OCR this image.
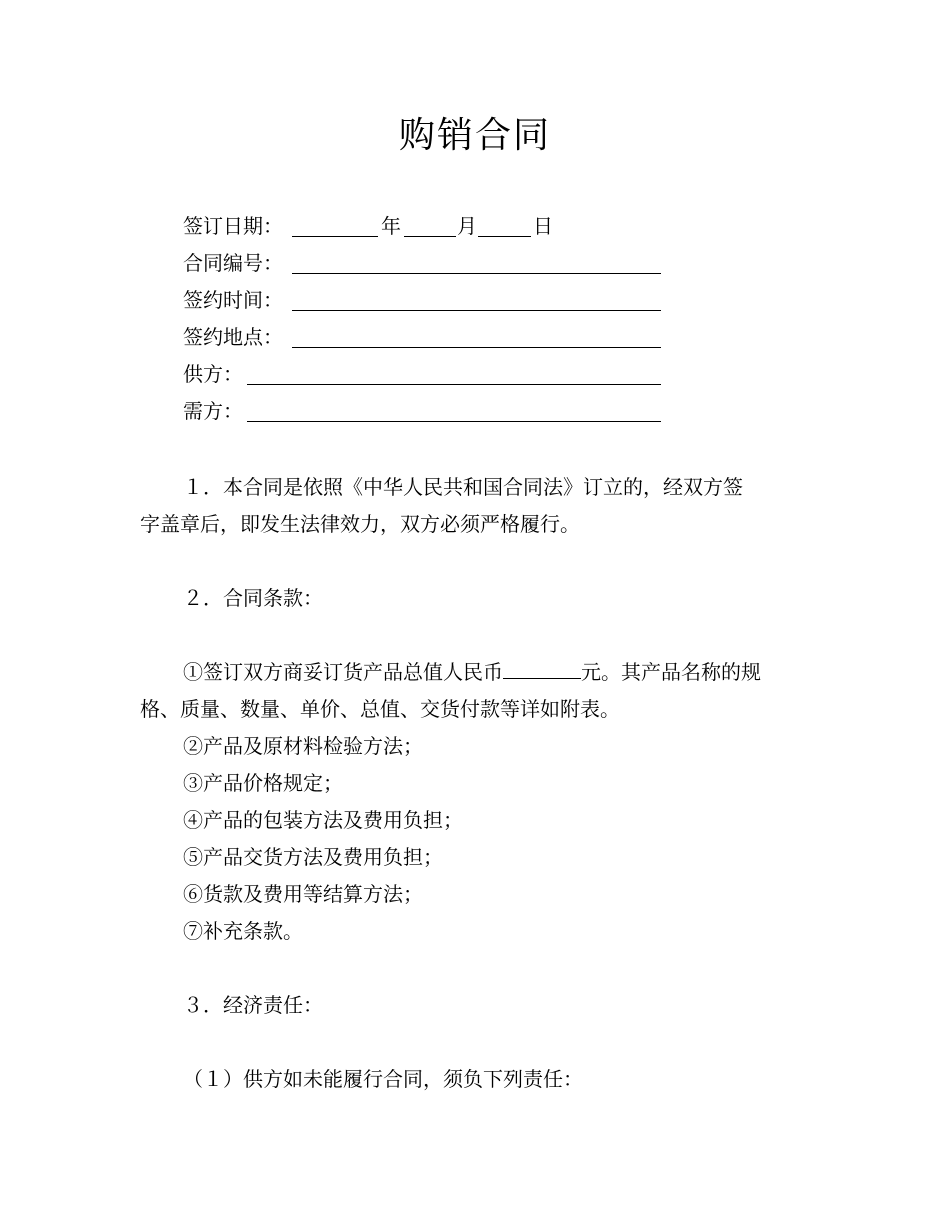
购销合同
签订日期：	年	月	日
合同编号：
签约时间：
签约地点：
供方：
需方：
１．本合同是依照《中华人民共和国合同法》订立的，经双方签
字盖章后，即发生法律效力，双方必须严格履行。
２．合同条款：
①签订双方商妥订货产品总值人民币	元。其产品名称的规
格、质量、数量、单价、总值、交货付款等详如附表。
②产品及原材料检验方法；
③产品价格规定；
④产品的包装方法及费用负担；
⑤产品交货方法及费用负担；
⑥货款及费用等结算方法；
⑦补充条款。
３．经济责任：
（１）供方如未能履行合同，须负下列责任：
